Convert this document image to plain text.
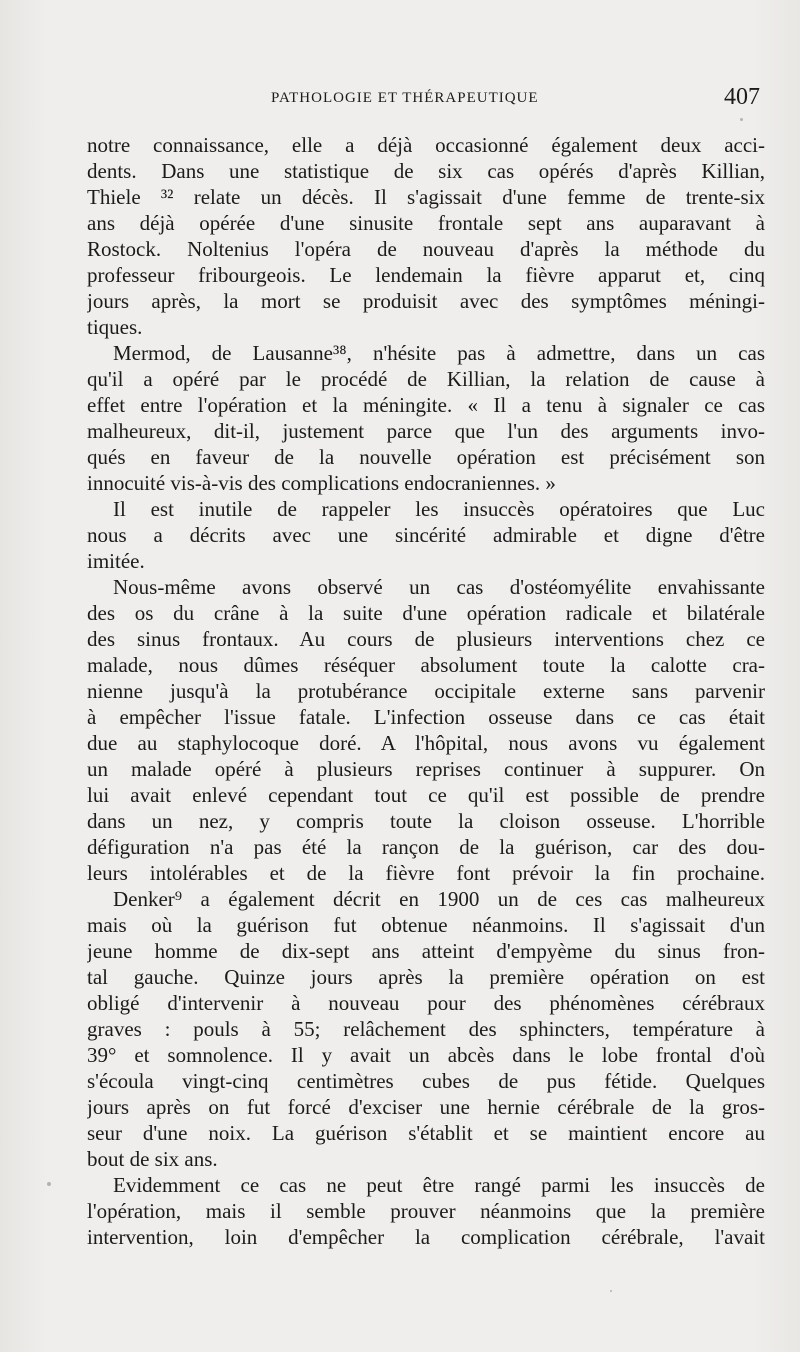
PATHOLOGIE ET THÉRAPEUTIQUE	407
notre connaissance, elle a déjà occasionné également deux acci-
dents. Dans une statistique de six cas opérés d'après Killian,
Thiele ³² relate un décès. Il s'agissait d'une femme de trente-six
ans déjà opérée d'une sinusite frontale sept ans auparavant à
Rostock. Noltenius l'opéra de nouveau d'après la méthode du
professeur fribourgeois. Le lendemain la fièvre apparut et, cinq
jours après, la mort se produisit avec des symptômes méningi-
tiques.
Mermod, de Lausanne³⁸, n'hésite pas à admettre, dans un cas
qu'il a opéré par le procédé de Killian, la relation de cause à
effet entre l'opération et la méningite. « Il a tenu à signaler ce cas
malheureux, dit-il, justement parce que l'un des arguments invo-
qués en faveur de la nouvelle opération est précisément son
innocuité vis-à-vis des complications endocraniennes. »
Il est inutile de rappeler les insuccès opératoires que Luc
nous a décrits avec une sincérité admirable et digne d'être
imitée.
Nous-même avons observé un cas d'ostéomyélite envahissante
des os du crâne à la suite d'une opération radicale et bilatérale
des sinus frontaux. Au cours de plusieurs interventions chez ce
malade, nous dûmes réséquer absolument toute la calotte cra-
nienne jusqu'à la protubérance occipitale externe sans parvenir
à empêcher l'issue fatale. L'infection osseuse dans ce cas était
due au staphylocoque doré. A l'hôpital, nous avons vu également
un malade opéré à plusieurs reprises continuer à suppurer. On
lui avait enlevé cependant tout ce qu'il est possible de prendre
dans un nez, y compris toute la cloison osseuse. L'horrible
défiguration n'a pas été la rançon de la guérison, car des dou-
leurs intolérables et de la fièvre font prévoir la fin prochaine.
Denker⁹ a également décrit en 1900 un de ces cas malheureux
mais où la guérison fut obtenue néanmoins. Il s'agissait d'un
jeune homme de dix-sept ans atteint d'empyème du sinus fron-
tal gauche. Quinze jours après la première opération on est
obligé d'intervenir à nouveau pour des phénomènes cérébraux
graves : pouls à 55; relâchement des sphincters, température à
39° et somnolence. Il y avait un abcès dans le lobe frontal d'où
s'écoula vingt-cinq centimètres cubes de pus fétide. Quelques
jours après on fut forcé d'exciser une hernie cérébrale de la gros-
seur d'une noix. La guérison s'établit et se maintient encore au
bout de six ans.
Evidemment ce cas ne peut être rangé parmi les insuccès de
l'opération, mais il semble prouver néanmoins que la première
intervention, loin d'empêcher la complication cérébrale, l'avait
